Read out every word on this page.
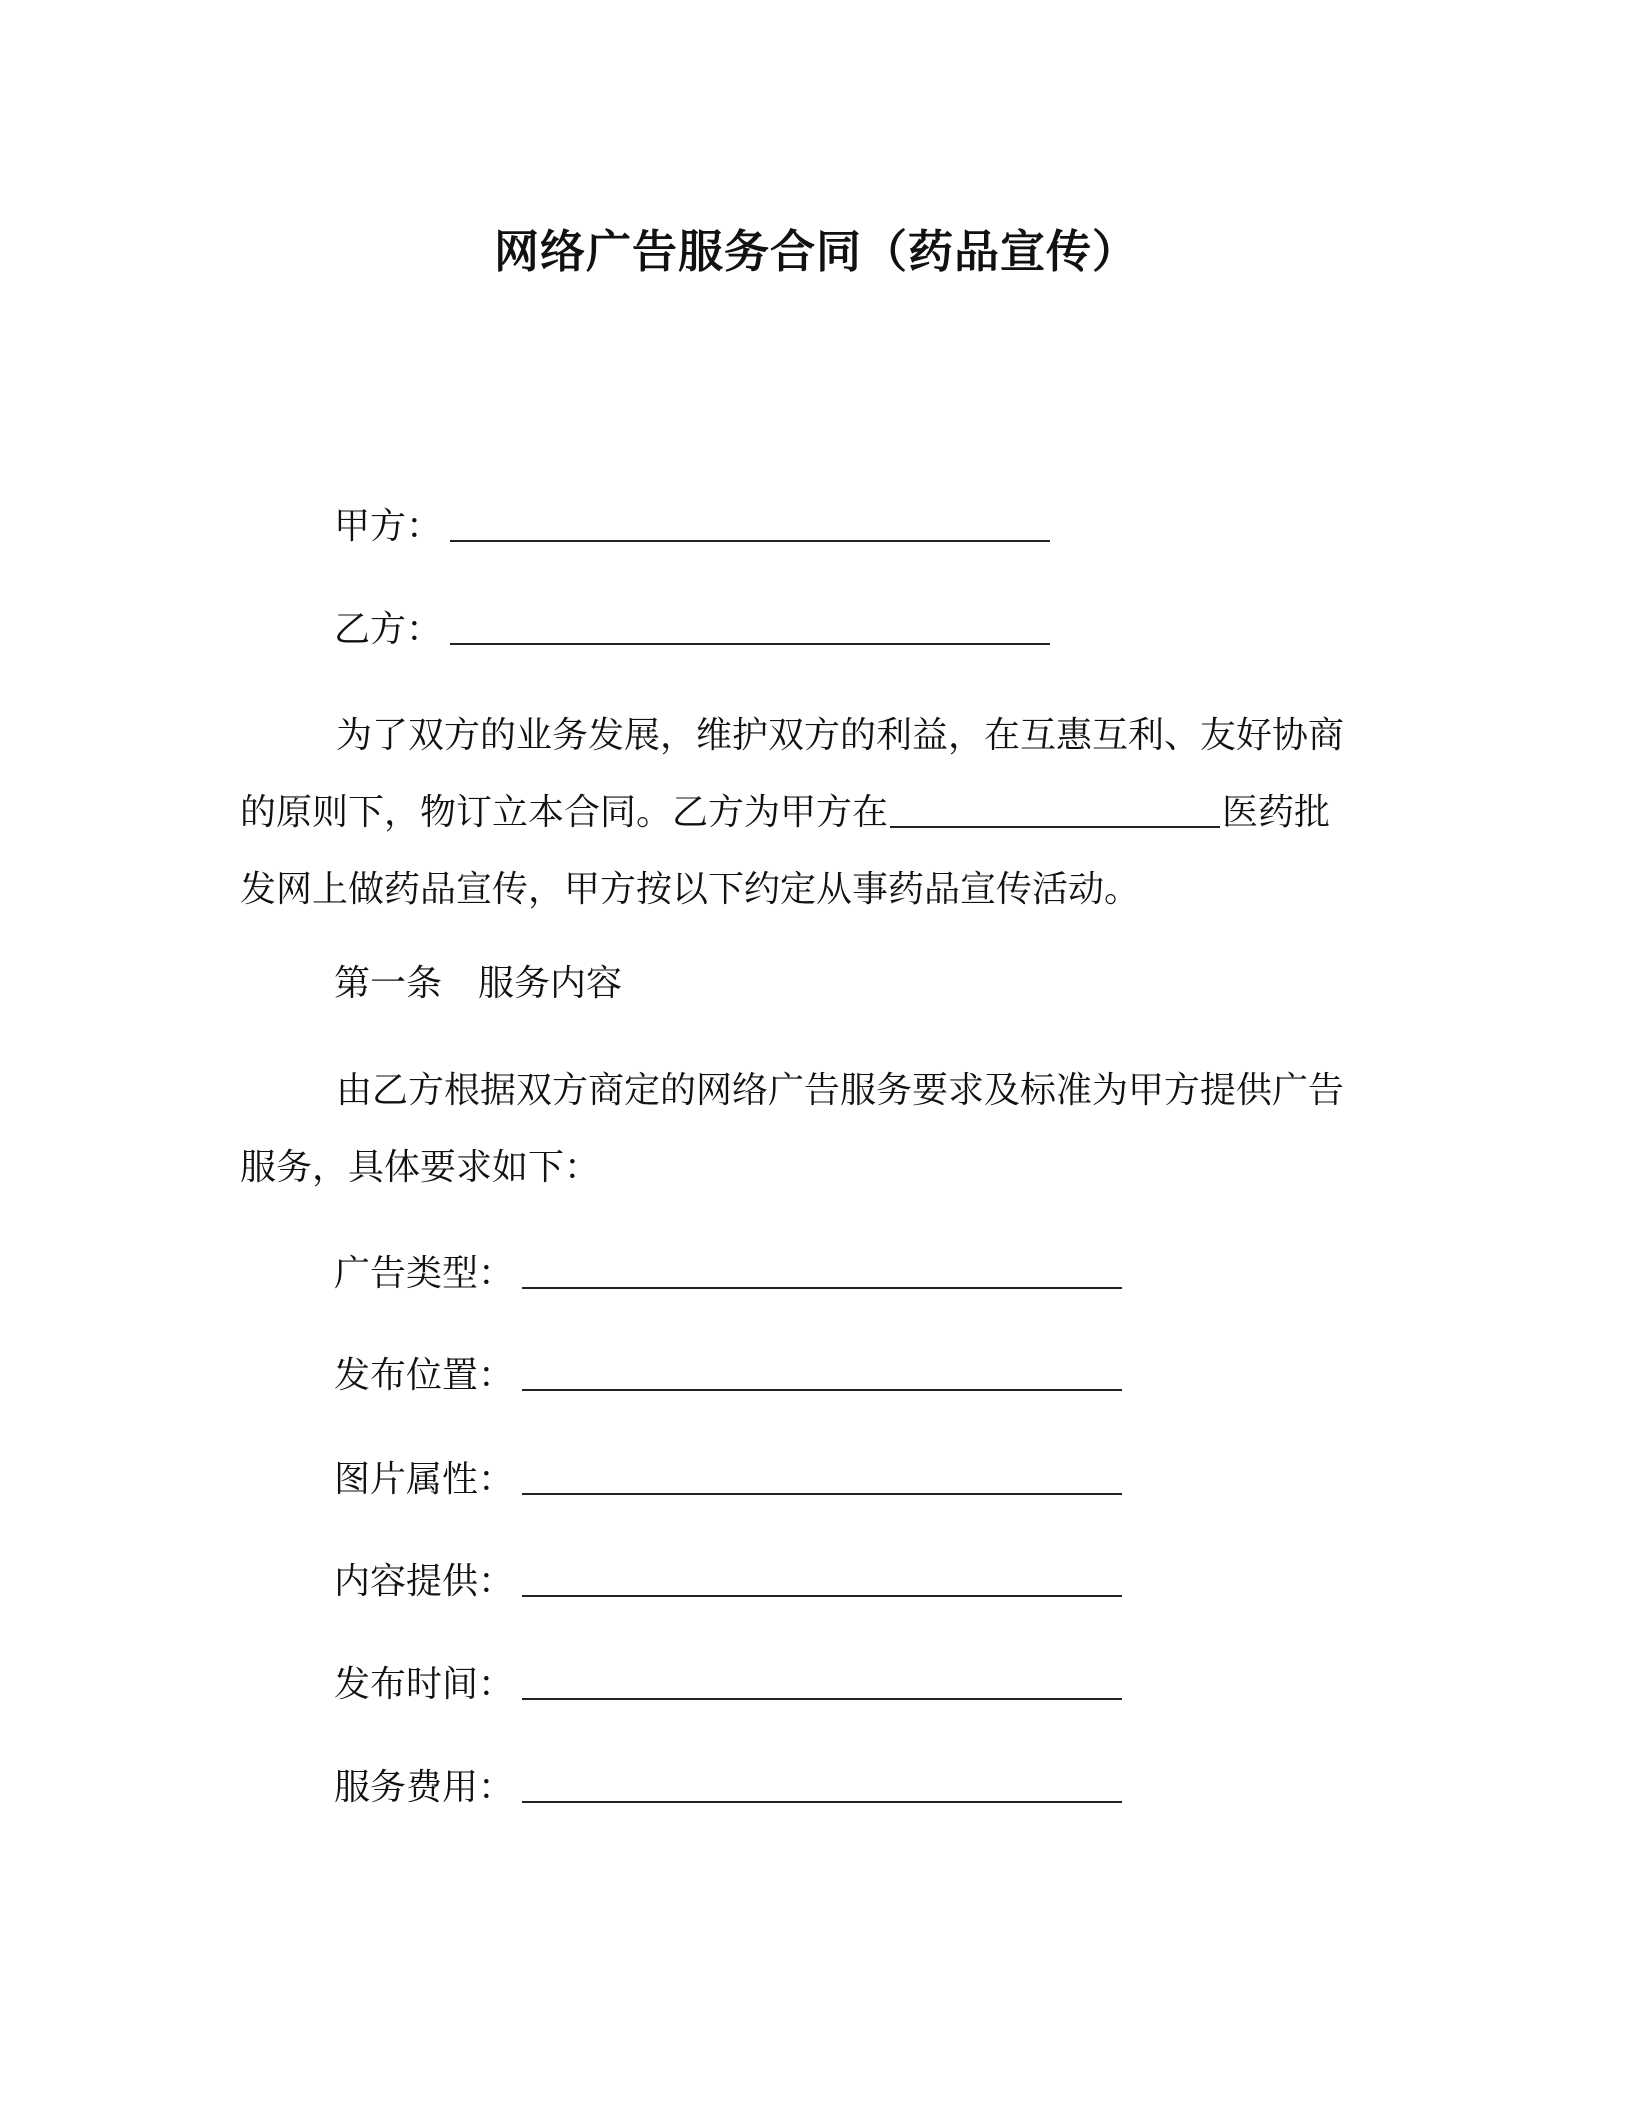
网络广告服务合同（药品宣传）
甲方：
乙方：
为了双方的业务发展，维护双方的利益，在互惠互利、友好协商
的原则下，物订立本合同。乙方为甲方在	医药批
发网上做药品宣传，甲方按以下约定从事药品宣传活动。
第一条　服务内容
由乙方根据双方商定的网络广告服务要求及标准为甲方提供广告
服务，具体要求如下：
广告类型：
发布位置：
图片属性：
内容提供：
发布时间：
服务费用：
